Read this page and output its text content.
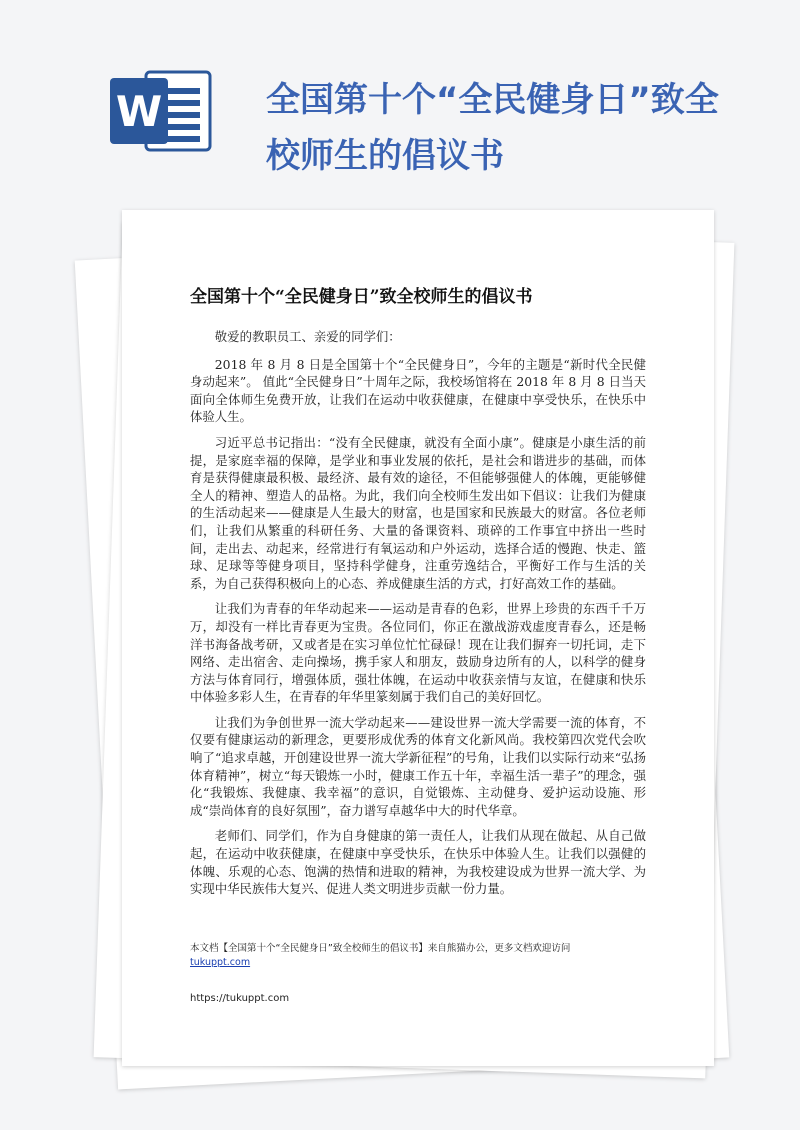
W	全国第十个“全民健身日”致全校师生的倡议书
全国第十个“全民健身日”致全校师生的倡议书

敬爱的教职员工、亲爱的同学们：

2018 年 8 月 8 日是全国第十个“全民健身日”，今年的主题是“新时代全民健身动起来”。 值此“全民健身日”十周年之际，我校场馆将在 2018 年 8 月 8 日当天面向全体师生免费开放，让我们在运动中收获健康，在健康中享受快乐，在快乐中体验人生。

习近平总书记指出：“没有全民健康，就没有全面小康”。健康是小康生活的前提，是家庭幸福的保障，是学业和事业发展的依托，是社会和谐进步的基础，而体育是获得健康最积极、最经济、最有效的途径，不但能够强健人的体魄，更能够健全人的精神、塑造人的品格。为此，我们向全校师生发出如下倡议：让我们为健康的生活动起来——健康是人生最大的财富，也是国家和民族最大的财富。各位老师们，让我们从繁重的科研任务、大量的备课资料、琐碎的工作事宜中挤出一些时间，走出去、动起来，经常进行有氧运动和户外运动，选择合适的慢跑、快走、篮球、足球等等健身项目，坚持科学健身，注重劳逸结合，平衡好工作与生活的关系，为自己获得积极向上的心态、养成健康生活的方式，打好高效工作的基础。

让我们为青春的年华动起来——运动是青春的色彩，世界上珍贵的东西千千万万，却没有一样比青春更为宝贵。各位同们，你正在激战游戏虚度青春么，还是畅洋书海备战考研，又或者是在实习单位忙忙碌碌！现在让我们摒弃一切托词，走下网络、走出宿舍、走向操场，携手家人和朋友，鼓励身边所有的人，以科学的健身方法与体育同行，增强体质，强壮体魄，在运动中收获亲情与友谊，在健康和快乐中体验多彩人生，在青春的年华里篆刻属于我们自己的美好回忆。

让我们为争创世界一流大学动起来——建设世界一流大学需要一流的体育，不仅要有健康运动的新理念，更要形成优秀的体育文化新风尚。我校第四次党代会吹响了“追求卓越，开创建设世界一流大学新征程”的号角，让我们以实际行动来“弘扬体育精神”，树立“每天锻炼一小时，健康工作五十年，幸福生活一辈子”的理念，强化“我锻炼、我健康、我幸福”的意识，自觉锻炼、主动健身、爱护运动设施、形成“崇尚体育的良好氛围”，奋力谱写卓越华中大的时代华章。

老师们、同学们，作为自身健康的第一责任人，让我们从现在做起、从自己做起，在运动中收获健康，在健康中享受快乐，在快乐中体验人生。让我们以强健的体魄、乐观的心态、饱满的热情和进取的精神，为我校建设成为世界一流大学、为实现中华民族伟大复兴、促进人类文明进步贡献一份力量。

本文档【全国第十个“全民健身日”致全校师生的倡议书】来自熊猫办公，更多文档欢迎访问
tukuppt.com
https://tukuppt.com
